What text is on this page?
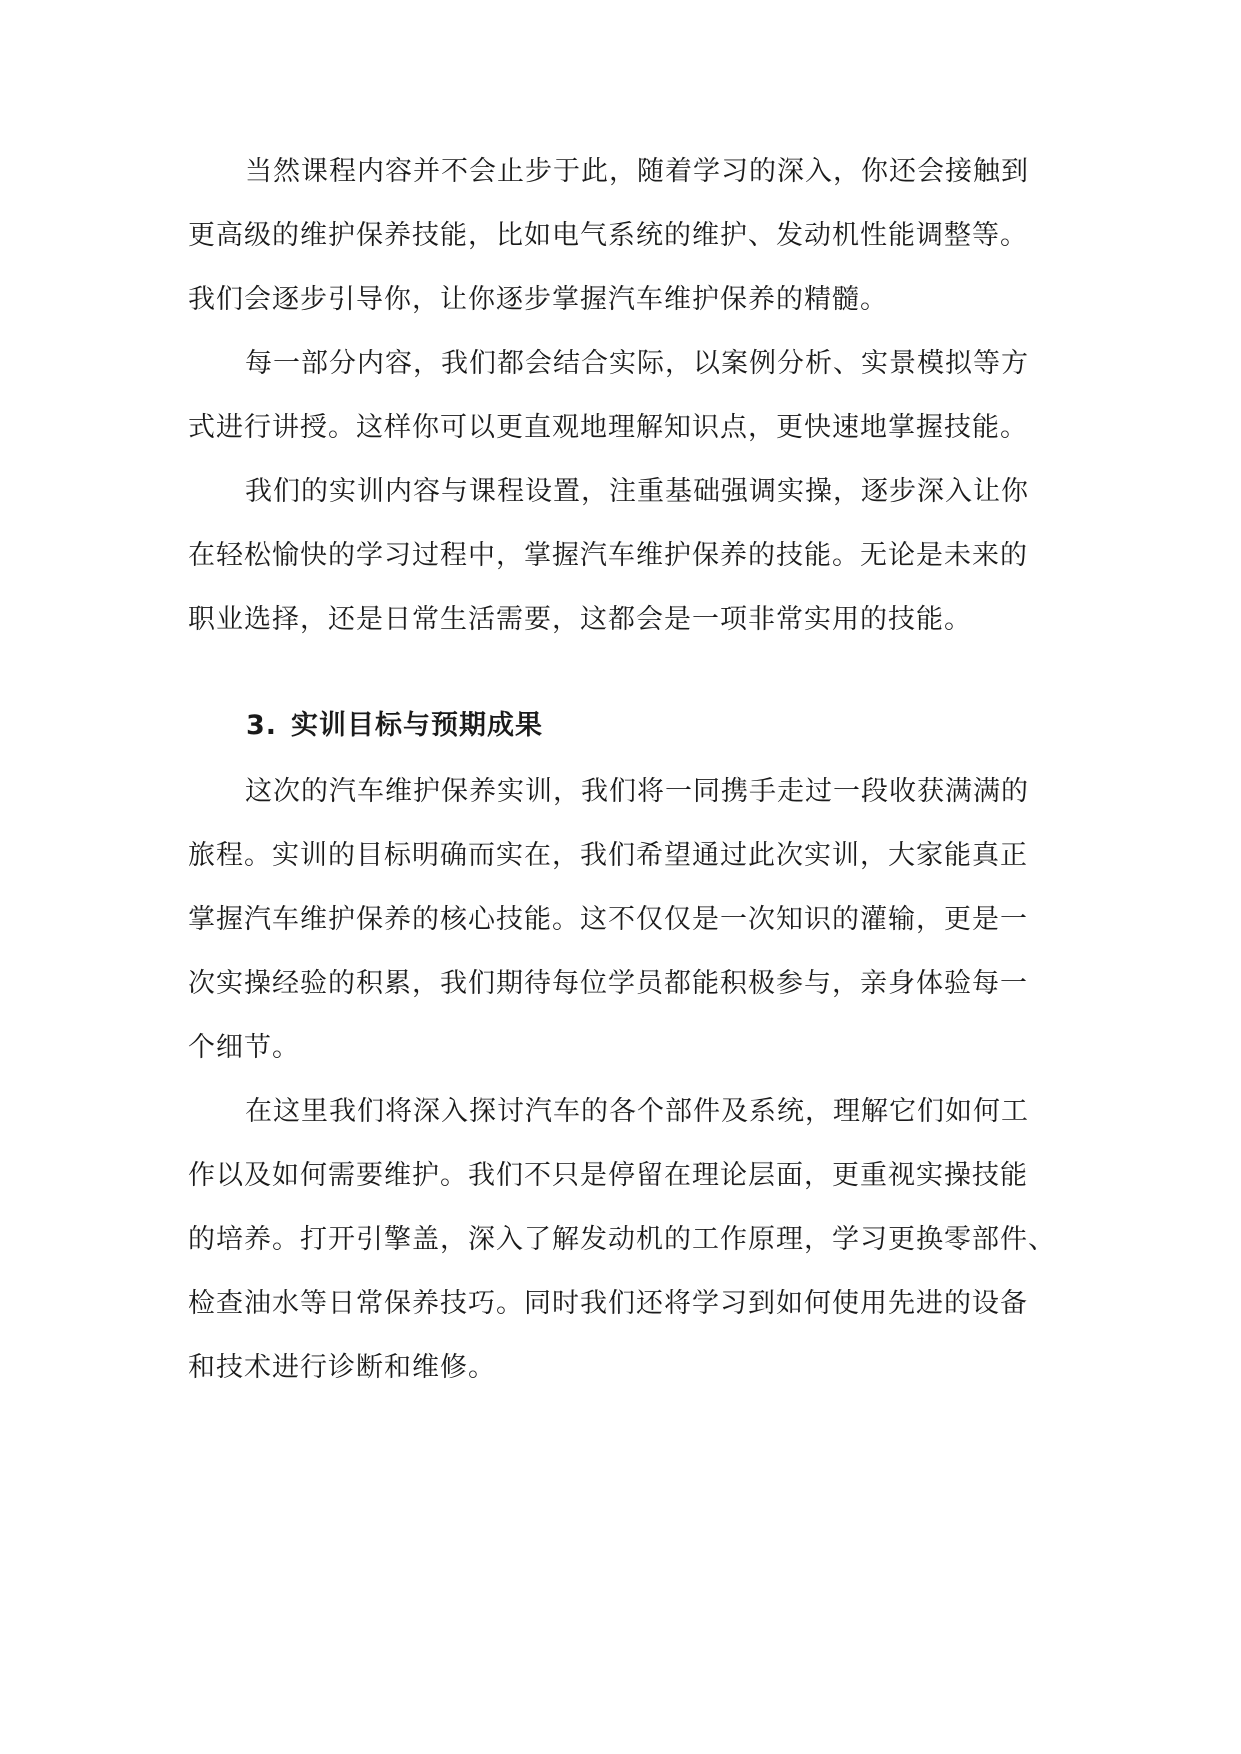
当然课程内容并不会止步于此，随着学习的深入，你还会接触到
更高级的维护保养技能，比如电气系统的维护、发动机性能调整等。
我们会逐步引导你，让你逐步掌握汽车维护保养的精髓。
每一部分内容，我们都会结合实际，以案例分析、实景模拟等方
式进行讲授。这样你可以更直观地理解知识点，更快速地掌握技能。
我们的实训内容与课程设置，注重基础强调实操，逐步深入让你
在轻松愉快的学习过程中，掌握汽车维护保养的技能。无论是未来的
职业选择，还是日常生活需要，这都会是一项非常实用的技能。
3. 实训目标与预期成果
这次的汽车维护保养实训，我们将一同携手走过一段收获满满的
旅程。实训的目标明确而实在，我们希望通过此次实训，大家能真正
掌握汽车维护保养的核心技能。这不仅仅是一次知识的灌输，更是一
次实操经验的积累，我们期待每位学员都能积极参与，亲身体验每一
个细节。
在这里我们将深入探讨汽车的各个部件及系统，理解它们如何工
作以及如何需要维护。我们不只是停留在理论层面，更重视实操技能
的培养。打开引擎盖，深入了解发动机的工作原理，学习更换零部件、
检查油水等日常保养技巧。同时我们还将学习到如何使用先进的设备
和技术进行诊断和维修。
